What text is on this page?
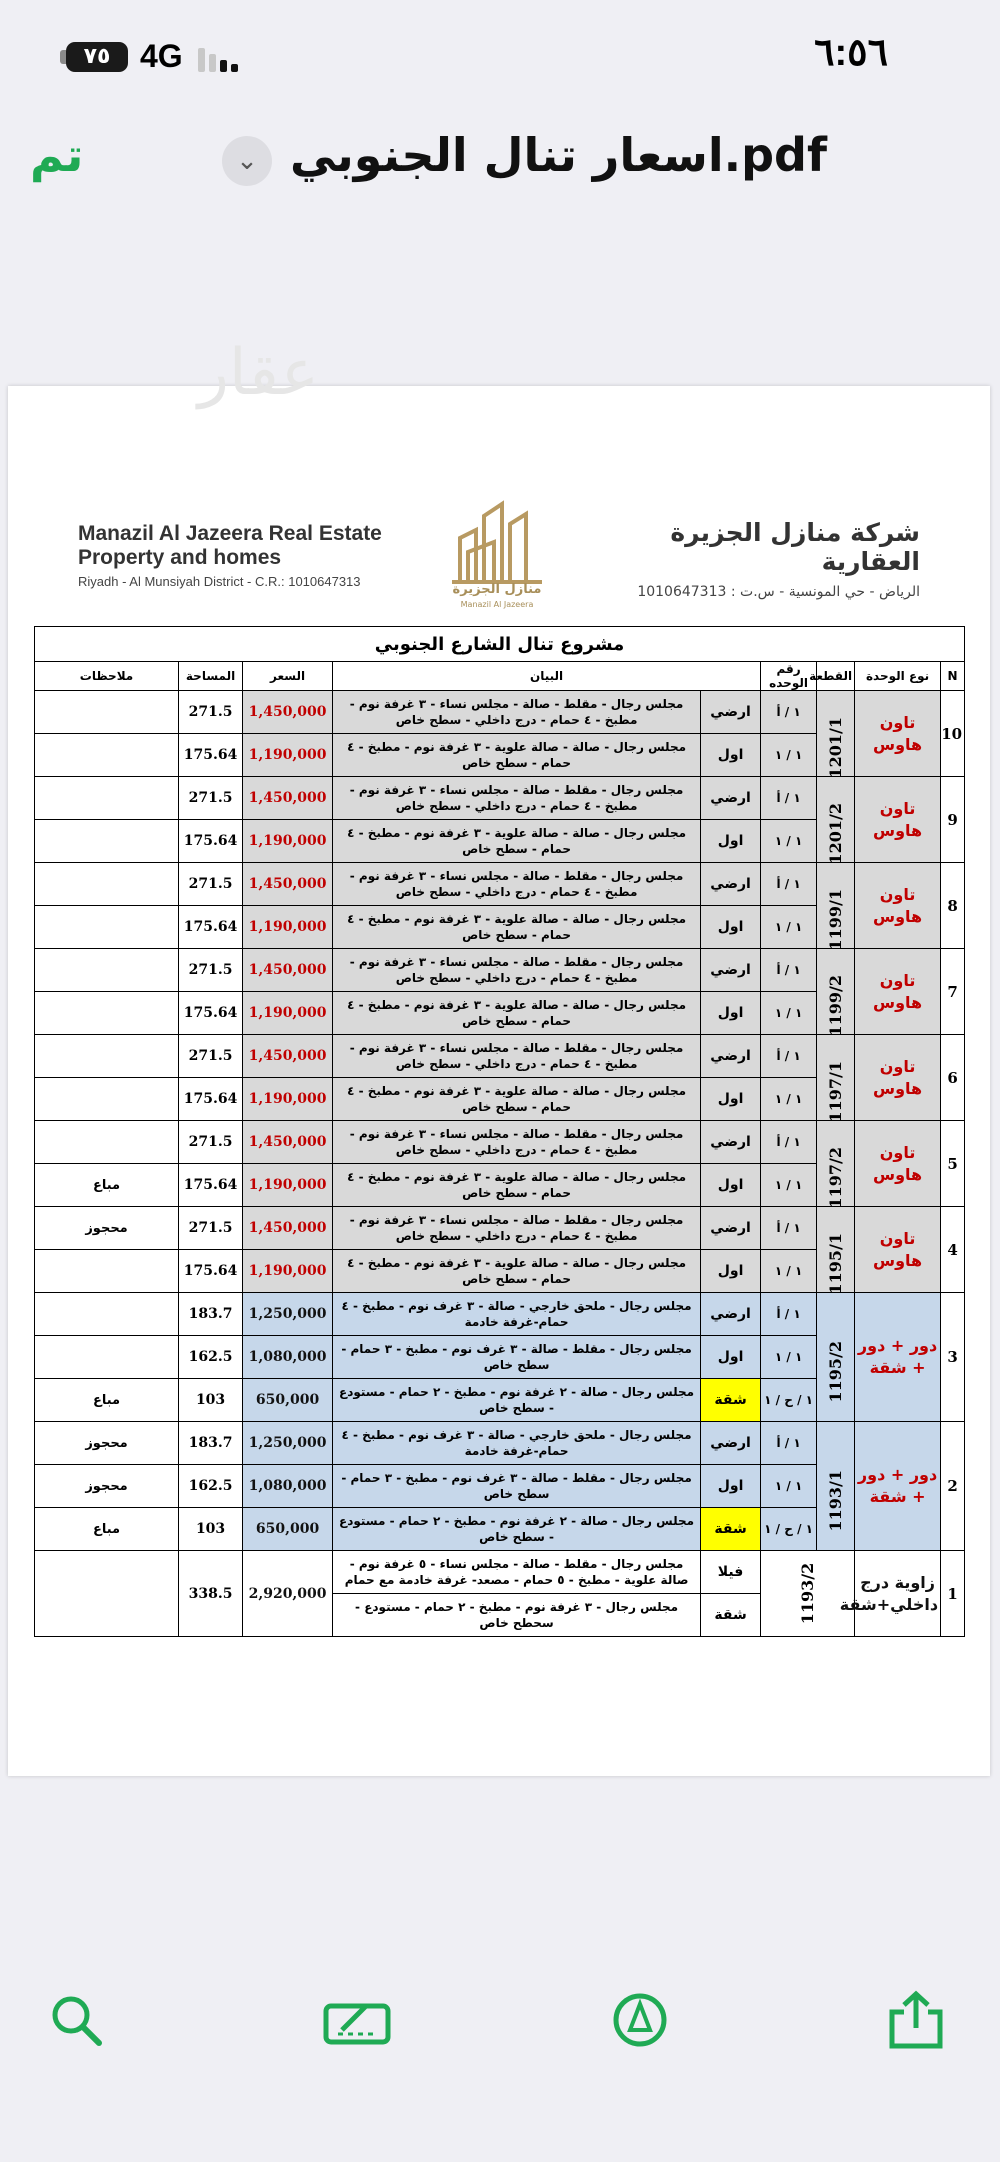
٧٥ 4G	٦:٥٦
تم	⌄ اسعار تنال الجنوبي.pdf
عقار
Manazil Al Jazeera Real Estate
Property and homes
Riyadh - Al Munsiyah District - C.R.: 1010647313
منازل الجزيرة
Manazil Al Jazeera
شركة منازل الجزيرة العقارية
الرياض - حي المونسية - س.ت : 1010647313
مشروع تنال الشارع الجنوبي								
N	نوع الوحدة	القطعة	رقم الوحده	البيان		السعر	المساحة	ملاحظات
10	تاون هاوس	1201/1	١ / أ	ارضي	مجلس رجال - مقلط - صالة - مجلس نساء - ٣ غرفة نوم - مطبخ - ٤ حمام - درج داخلي - سطح خاص	1,450,000	271.5	
			١ / ١	اول	مجلس رجال - صالة - صالة علوية - ٣ غرفة نوم - مطبخ - ٤ حمام - سطح خاص	1,190,000	175.64	
9	تاون هاوس	1201/2	١ / أ	ارضي	مجلس رجال - مقلط - صالة - مجلس نساء - ٣ غرفة نوم - مطبخ - ٤ حمام - درج داخلي - سطح خاص	1,450,000	271.5	
			١ / ١	اول	مجلس رجال - صالة - صالة علوية - ٣ غرفة نوم - مطبخ - ٤ حمام - سطح خاص	1,190,000	175.64	
8	تاون هاوس	1199/1	١ / أ	ارضي	مجلس رجال - مقلط - صالة - مجلس نساء - ٣ غرفة نوم - مطبخ - ٤ حمام - درج داخلي - سطح خاص	1,450,000	271.5	
			١ / ١	اول	مجلس رجال - صالة - صالة علوية - ٣ غرفة نوم - مطبخ - ٤ حمام - سطح خاص	1,190,000	175.64	
7	تاون هاوس	1199/2	١ / أ	ارضي	مجلس رجال - مقلط - صالة - مجلس نساء - ٣ غرفة نوم - مطبخ - ٤ حمام - درج داخلي - سطح خاص	1,450,000	271.5	
			١ / ١	اول	مجلس رجال - صالة - صالة علوية - ٣ غرفة نوم - مطبخ - ٤ حمام - سطح خاص	1,190,000	175.64	
6	تاون هاوس	1197/1	١ / أ	ارضي	مجلس رجال - مقلط - صالة - مجلس نساء - ٣ غرفة نوم - مطبخ - ٤ حمام - درج داخلي - سطح خاص	1,450,000	271.5	
			١ / ١	اول	مجلس رجال - صالة - صالة علوية - ٣ غرفة نوم - مطبخ - ٤ حمام - سطح خاص	1,190,000	175.64	
5	تاون هاوس	1197/2	١ / أ	ارضي	مجلس رجال - مقلط - صالة - مجلس نساء - ٣ غرفة نوم - مطبخ - ٤ حمام - درج داخلي - سطح خاص	1,450,000	271.5	
			١ / ١	اول	مجلس رجال - صالة - صالة علوية - ٣ غرفة نوم - مطبخ - ٤ حمام - سطح خاص	1,190,000	175.64	مباع
4	تاون هاوس	1195/1	١ / أ	ارضي	مجلس رجال - مقلط - صالة - مجلس نساء - ٣ غرفة نوم - مطبخ - ٤ حمام - درج داخلي - سطح خاص	1,450,000	271.5	محجوز
			١ / ١	اول	مجلس رجال - صالة - صالة علوية - ٣ غرفة نوم - مطبخ - ٤ حمام - سطح خاص	1,190,000	175.64	
3	دور + دور + شقة	1195/2	١ / أ	ارضي	مجلس رجال - ملحق خارجي - صالة - ٣ غرف نوم - مطبخ - ٤ حمام-غرفة خادمة	1,250,000	183.7	
			١ / ١	اول	مجلس رجال - مقلط - صالة - ٣ غرف نوم - مطبخ - ٣ حمام - سطح خاص	1,080,000	162.5	
			١ / ح / ١	شقة	مجلس رجال - صالة - ٢ غرفة نوم - مطبخ - ٢ حمام - مستودع - سطح خاص	650,000	103	مباع
2	دور + دور + شقة	1193/1	١ / أ	ارضي	مجلس رجال - ملحق خارجي - صالة - ٣ غرف نوم - مطبخ - ٤ حمام-غرفة خادمة	1,250,000	183.7	محجوز
			١ / ١	اول	مجلس رجال - مقلط - صالة - ٣ غرف نوم - مطبخ - ٣ حمام - سطح خاص	1,080,000	162.5	محجوز
			١ / ح / ١	شقة	مجلس رجال - صالة - ٢ غرفة نوم - مطبخ - ٢ حمام - مستودع - سطح خاص	650,000	103	مباع
1	زاوية درج داخلي+شقة	1193/2		فيلا	مجلس رجال - مقلط - صالة - مجلس نساء - ٥ غرفة نوم - صالة علوية - مطبخ - ٥ حمام - مصعد- غرفة خادمة مع حمام	2,920,000	338.5	
				شقة	مجلس رجال - ٣ غرفة نوم - مطبخ - ٢ حمام - مستودع - سحطح خاص			
